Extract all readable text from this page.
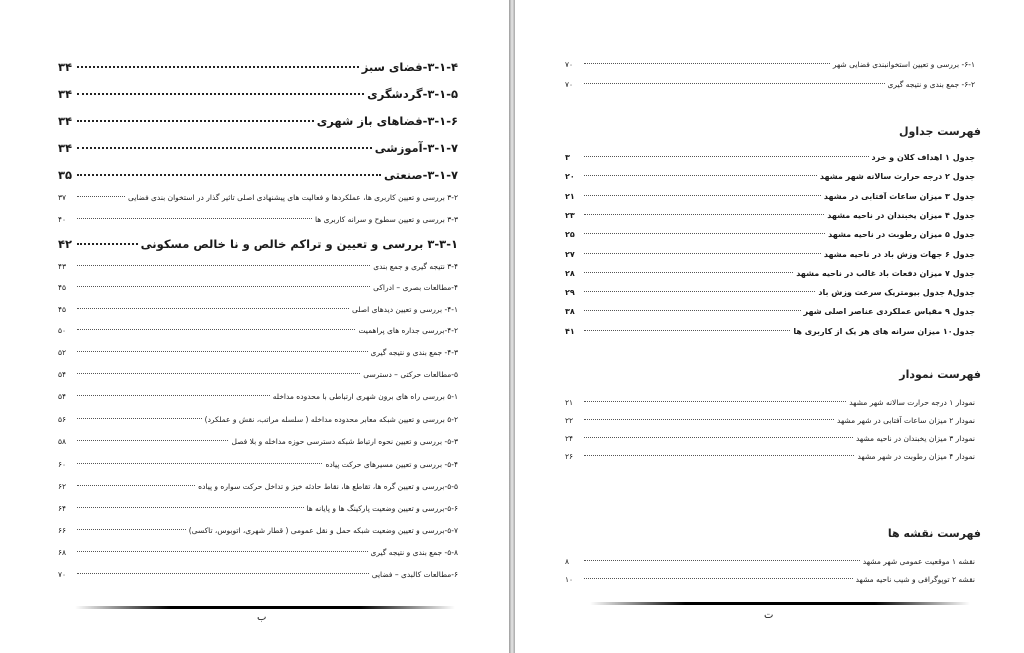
۳-۱-۴-فضای سبز
۳۴
۳-۱-۵-گردشگری
۳۴
۳-۱-۶-فضاهای باز شهری
۳۴
۳-۱-۷-آموزشی
۳۴
۳-۱-۷-صنعتی
۳۵
۳-۲ بررسی و تعیین کاربری ها، عملکردها و فعالیت های پیشنهادی اصلی تاثیر گذار در استخوان بندی فضایی
۳۷
۳-۳ بررسی و تعیین سطوح و سرانه کاربری ها
۴۰
۳-۳-۱ بررسی و تعیین و تراکم خالص و نا خالص مسکونی
۴۲
۳-۴ نتیجه گیری و جمع بندی
۴۳
۴-مطالعات بصری – ادراکی
۴۵
۴-۱- بررسی و تعیین دیدهای اصلی
۴۵
۴-۲-بررسی جداره های پراهمیت
۵۰
۴-۳- جمع بندی و نتیجه گیری
۵۲
۵-مطالعات حرکتی – دسترسی
۵۴
۵-۱ بررسی راه های برون شهری ارتباطی با محدوده مداخله
۵۴
۵-۲ بررسی و تعیین شبکه معابر محدوده مداخله ( سلسله مراتب، نقش و عملکرد)
۵۶
۵-۳- بررسی و تعیین نحوه ارتباط شبکه دسترسی حوزه مداخله و بلا فصل
۵۸
۵-۴- بررسی و تعیین مسیرهای حرکت پیاده
۶۰
۵-۵-بررسی و تعیین گره ها، تقاطع ها، نقاط حادثه خیز و تداخل حرکت سواره و پیاده
۶۲
۵-۶-بررسی و تعیین وضعیت پارکینگ ها و پایانه ها
۶۴
۵-۷-بررسی و تعیین وضعیت شبکه حمل و نقل عمومی ( قطار شهری، اتوبوس، تاکسی)
۶۶
۵-۸- جمع بندی و نتیجه گیری
۶۸
۶-مطالعات کالبدی – فضایی
۷۰
ب
۶-۱- بررسی و تعیین استخوانبندی فضایی شهر
۷۰
۶-۲- جمع بندی و نتیجه گیری
۷۰
فهرست جداول
جدول ۱ اهداف کلان و خرد
۳
جدول ۲ درجه حرارت سالانه شهر مشهد
۲۰
جدول ۳ میزان ساعات آفتابی در مشهد
۲۱
جدول ۴ میزان یخبندان در ناحیه مشهد
۲۳
جدول ۵ میزان رطوبت در ناحیه مشهد
۲۵
جدول ۶ جهات وزش باد در ناحیه مشهد
۲۷
جدول ۷ میزان دفعات باد غالب در ناحیه مشهد
۲۸
جدول۸ جدول بیومتریک سرعت وزش باد
۲۹
جدول ۹ مقیاس عملکردی عناصر اصلی شهر
۳۸
جدول۱۰ میزان سرانه های هر یک از کاربری ها
۴۱
فهرست نمودار
نمودار ۱ درجه حرارت سالانه شهر مشهد
۲۱
نمودار ۲ میزان ساعات آفتابی در شهر مشهد
۲۲
نمودار ۳ میزان یخبندان در ناحیه مشهد
۲۴
نمودار ۴ میزان رطوبت در شهر مشهد
۲۶
فهرست نقشه ها
نقشه ۱ موقعیت عمومی شهر مشهد
۸
نقشه ۲ توپوگرافی و شیب ناحیه مشهد
۱۰
ت
